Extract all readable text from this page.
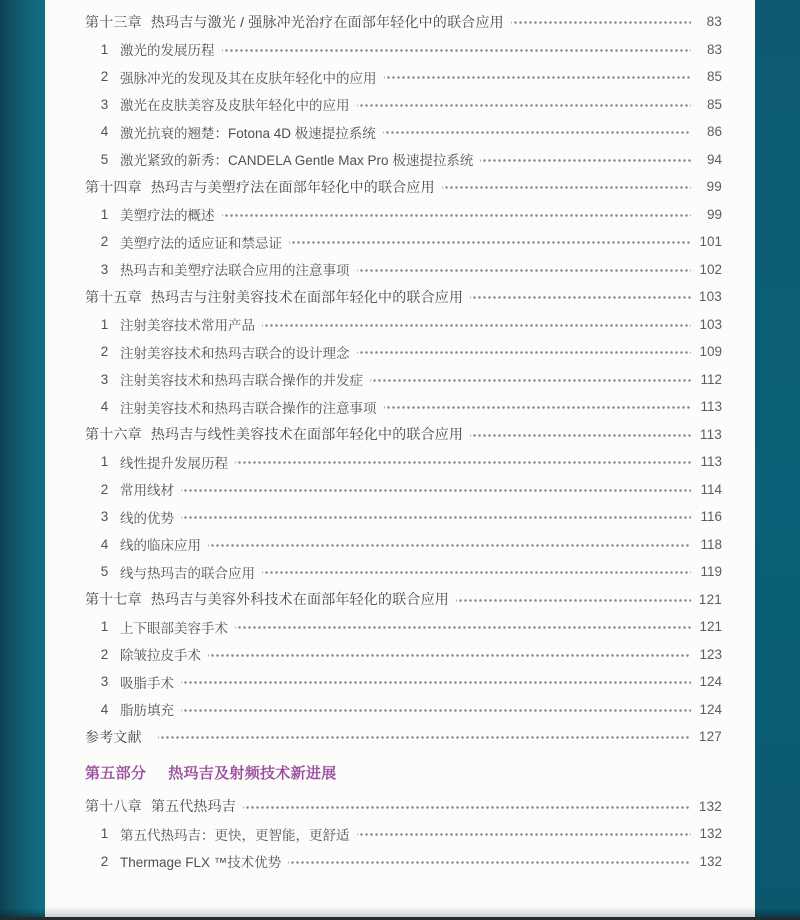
第十三章 热玛吉与激光 / 强脉冲光治疗在面部年轻化中的联合应用	83
1 激光的发展历程	83
2 强脉冲光的发现及其在皮肤年轻化中的应用	85
3 激光在皮肤美容及皮肤年轻化中的应用	85
4 激光抗衰的翘楚：Fotona 4D 极速提拉系统	86
5 激光紧致的新秀：CANDELA Gentle Max Pro 极速提拉系统	94
第十四章 热玛吉与美塑疗法在面部年轻化中的联合应用	99
1 美塑疗法的概述	99
2 美塑疗法的适应证和禁忌证	101
3 热玛吉和美塑疗法联合应用的注意事项	102
第十五章 热玛吉与注射美容技术在面部年轻化中的联合应用	103
1 注射美容技术常用产品	103
2 注射美容技术和热玛吉联合的设计理念	109
3 注射美容技术和热玛吉联合操作的并发症	112
4 注射美容技术和热玛吉联合操作的注意事项	113
第十六章 热玛吉与线性美容技术在面部年轻化中的联合应用	113
1 线性提升发展历程	113
2 常用线材	114
3 线的优势	116
4 线的临床应用	118
5 线与热玛吉的联合应用	119
第十七章 热玛吉与美容外科技术在面部年轻化的联合应用	121
1 上下眼部美容手术	121
2 除皱拉皮手术	123
3 吸脂手术	124
4 脂肪填充	124
参考文献	127
第五部分 热玛吉及射频技术新进展
第十八章 第五代热玛吉	132
1 第五代热玛吉：更快，更智能，更舒适	132
2 Thermage FLX ™技术优势	132
